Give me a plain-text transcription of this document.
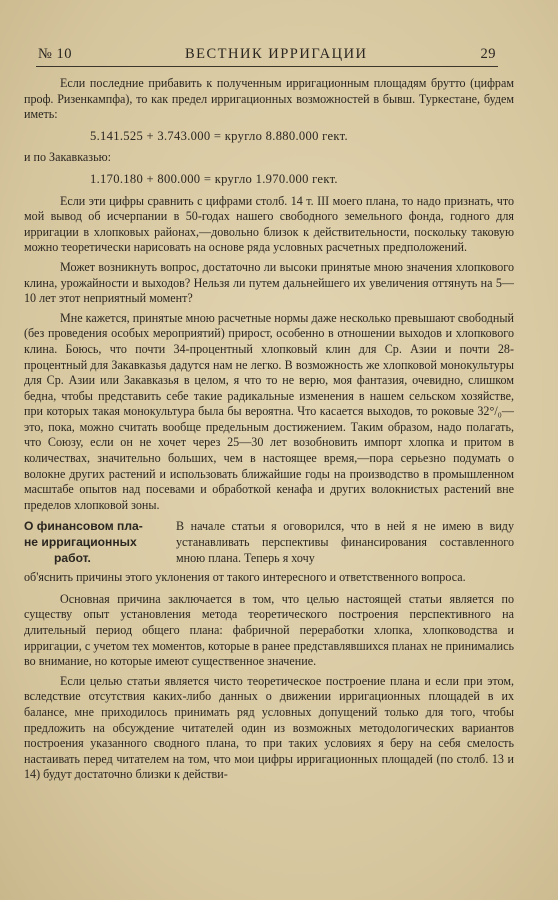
№ 10	ВЕСТНИК ИРРИГАЦИИ	29

Если последние прибавить к полученным ирригационным площадям брутто (цифрам проф. Ризенкампфа), то как предел ирригационных возможностей в бывш. Туркестане, будем иметь:

5.141.525 + 3.743.000 = кругло 8.880.000 гект.

и по Закавказью:

1.170.180 + 800.000 = кругло 1.970.000 гект.

Если эти цифры сравнить с цифрами столб. 14 т. III моего плана, то надо признать, что мой вывод об исчерпании в 50-годах нашего свободного земельного фонда, годного для ирригации в хлопковых районах,—довольно близок к действительности, поскольку таковую можно теоретически нарисовать на основе ряда условных расчетных предположений.

Может возникнуть вопрос, достаточно ли высоки принятые мною значения хлопкового клина, урожайности и выходов? Нельзя ли путем дальнейшего их увеличения оттянуть на 5—10 лет этот неприятный момент?

Мне кажется, принятые мною расчетные нормы даже несколько превышают свободный (без проведения особых мероприятий) прирост, особенно в отношении выходов и хлопкового клина. Боюсь, что почти 34-процентный хлопковый клин для Ср. Азии и почти 28-процентный для Закавказья дадутся нам не легко. В возможность же хлопковой монокультуры для Ср. Азии или Закавказья в целом, я что то не верю, моя фантазия, очевидно, слишком бедна, чтобы представить себе такие радикальные изменения в нашем сельском хозяйстве, при которых такая монокультура была бы вероятна. Что касается выходов, то роковые 32°/₀—это, пока, можно считать вообще предельным достижением. Таким образом, надо полагать, что Союзу, если он не хочет через 25—30 лет возобновить импорт хлопка и притом в количествах, значительно больших, чем в настоящее время,—пора серьезно подумать о волокне других растений и использовать ближайшие годы на производство в промышленном масштабе опытов над посевами и обработкой кенафа и других волокнистых растений вне пределов хлопковой зоны.

О финансовом пла-
не ирригационных
работ.
В начале статьи я оговорился, что в ней я не имею в виду устанавливать перспективы финансирования составленного мною плана. Теперь я хочу
об'яснить причины этого уклонения от такого интересного и ответственного вопроса.

Основная причина заключается в том, что целью настоящей статьи является по существу опыт установления метода теоретического построения перспективного на длительный период общего плана: фабричной переработки хлопка, хлопководства и ирригации, с учетом тех моментов, которые в ранее представлявшихся планах не принимались во внимание, но которые имеют существенное значение.

Если целью статьи является чисто теоретическое построение плана и если при этом, вследствие отсутствия каких-либо данных о движении ирригационных площадей в их балансе, мне приходилось принимать ряд условных допущений только для того, чтобы предложить на обсуждение читателей один из возможных методологических вариантов построения указанного сводного плана, то при таких условиях я беру на себя смелость настаивать перед читателем на том, что мои цифры ирригационных площадей (по столб. 13 и 14) будут достаточно близки к действи-
